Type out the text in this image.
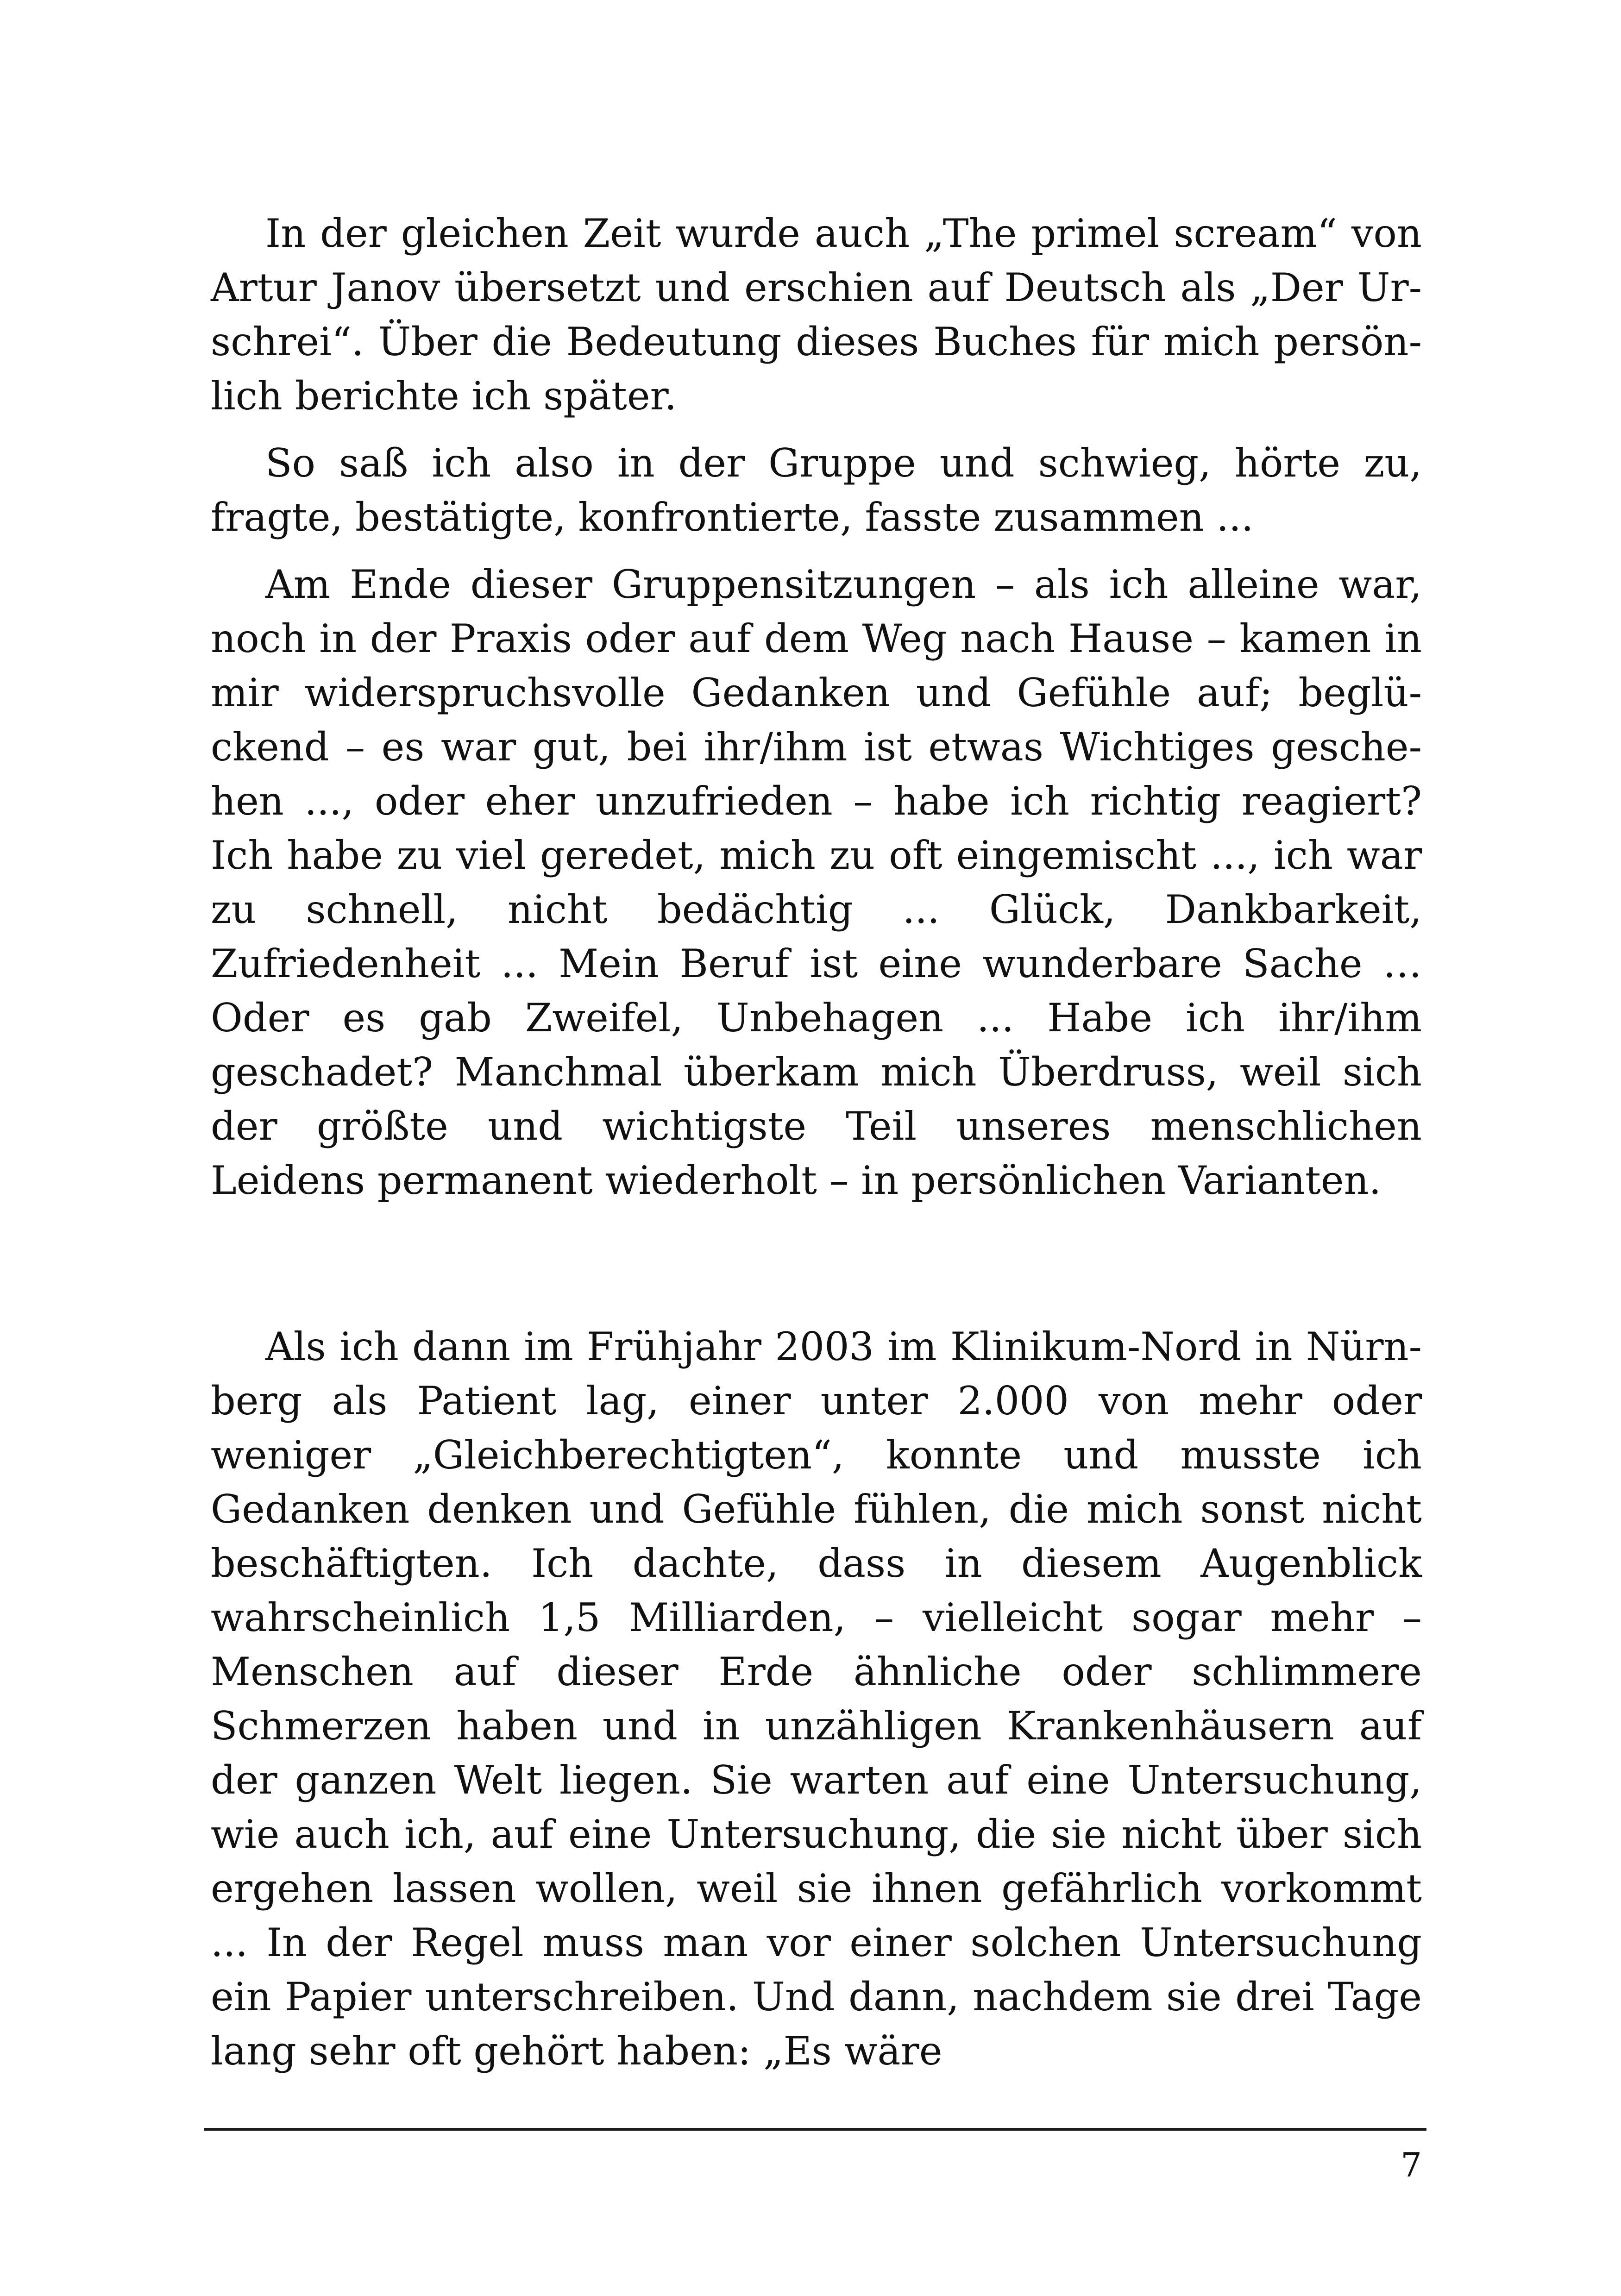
In der gleichen Zeit wurde auch „The primel scream“ von Artur Janov übersetzt und erschien auf Deutsch als „Der Urschrei“. Über die Bedeutung dieses Buches für mich persönlich berichte ich später.

So saß ich also in der Gruppe und schwieg, hörte zu, fragte, bestätigte, konfrontierte, fasste zusammen ...

Am Ende dieser Gruppensitzungen – als ich alleine war, noch in der Praxis oder auf dem Weg nach Hause – kamen in mir widerspruchsvolle Gedanken und Gefühle auf; beglückend – es war gut, bei ihr/ihm ist etwas Wichtiges geschehen ..., oder eher unzufrieden – habe ich richtig reagiert? Ich habe zu viel geredet, mich zu oft eingemischt ..., ich war zu schnell, nicht bedächtig ... Glück, Dankbarkeit, Zufriedenheit ... Mein Beruf ist eine wunderbare Sache … Oder es gab Zweifel, Unbehagen ... Habe ich ihr/ihm geschadet? Manchmal überkam mich Überdruss, weil sich der größte und wichtigste Teil unseres menschlichen Leidens permanent wiederholt – in persönlichen Varianten.

Als ich dann im Frühjahr 2003 im Klinikum-Nord in Nürnberg als Patient lag, einer unter 2.000 von mehr oder weniger „Gleichberechtigten“, konnte und musste ich Gedanken denken und Gefühle fühlen, die mich sonst nicht beschäftigten. Ich dachte, dass in diesem Augenblick wahrscheinlich 1,5 Milliarden, – vielleicht sogar mehr – Menschen auf dieser Erde ähnliche oder schlimmere Schmerzen haben und in unzähligen Krankenhäusern auf der ganzen Welt liegen. Sie warten auf eine Untersuchung, wie auch ich, auf eine Untersuchung, die sie nicht über sich ergehen lassen wollen, weil sie ihnen gefährlich vorkommt ... In der Regel muss man vor einer solchen Untersuchung ein Papier unterschreiben. Und dann, nachdem sie drei Tage lang sehr oft gehört haben: „Es wäre

7
